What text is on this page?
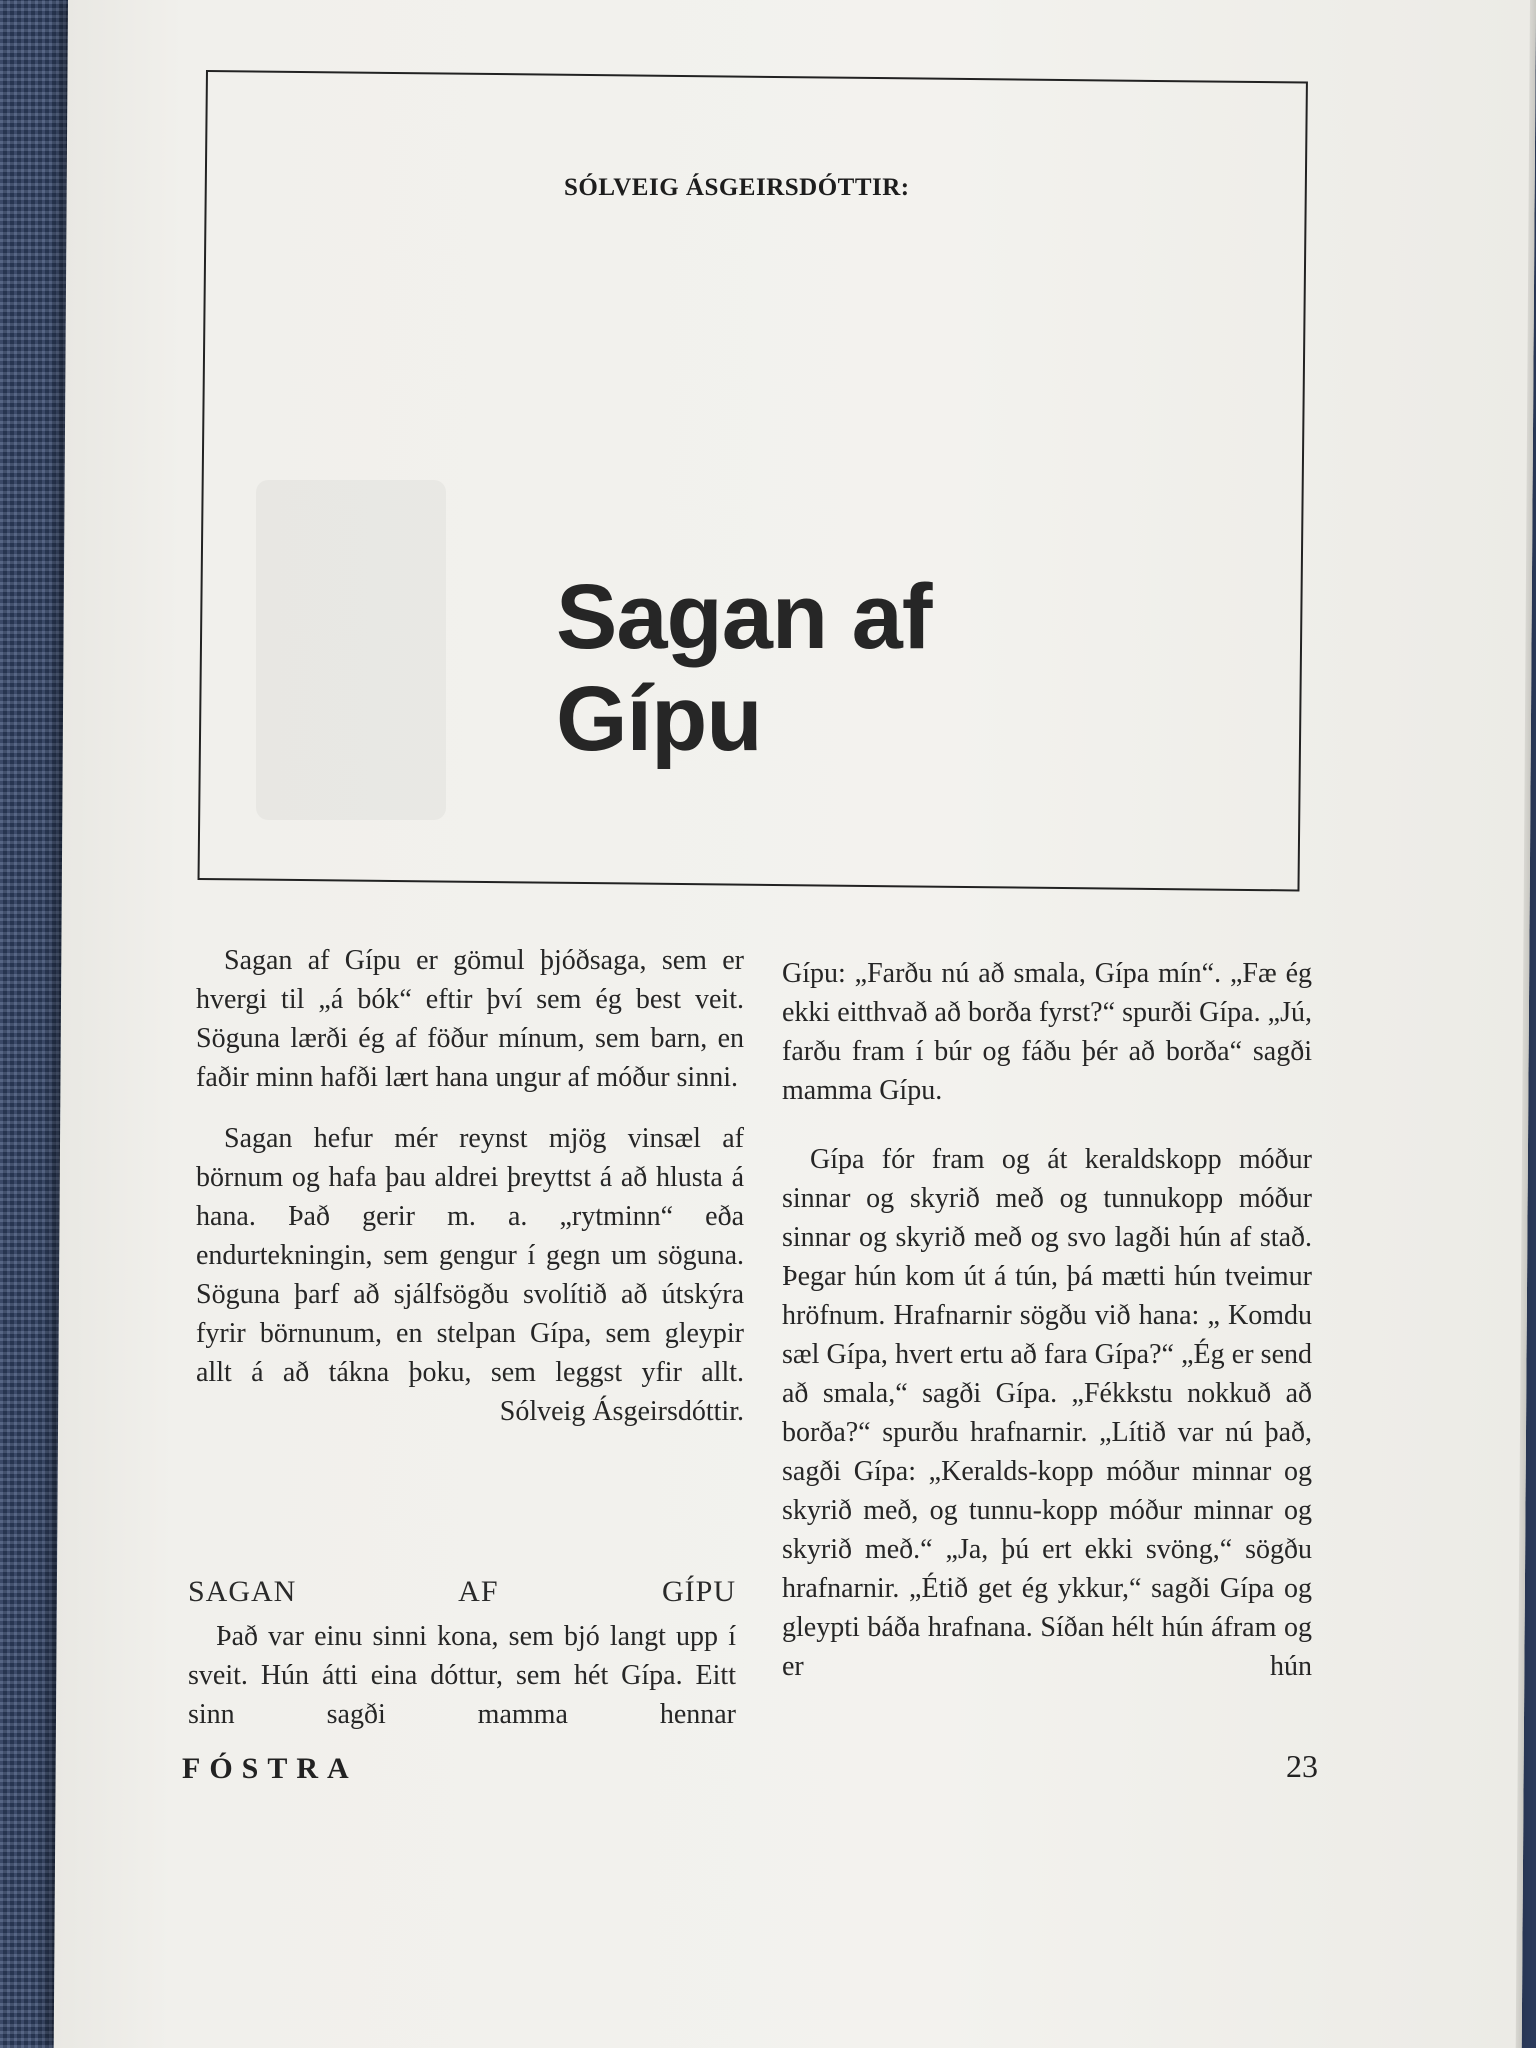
SÓLVEIG ÁSGEIRSDÓTTIR:
Sagan af
Gípu

Sagan af Gípu er gömul þjóðsaga, sem er hvergi til „á bók“ eftir því sem ég best veit. Söguna lærði ég af föður mínum, sem barn, en faðir minn hafði lært hana ungur af móður sinni.

Sagan hefur mér reynst mjög vinsæl af börnum og hafa þau aldrei þreyttst á að hlusta á hana. Það gerir m. a. „rytminn“ eða endurtekningin, sem gengur í gegn um söguna. Söguna þarf að sjálfsögðu svolítið að útskýra fyrir börnunum, en stelpan Gípa, sem gleypir allt á að tákna þoku, sem leggst yfir allt.

Sólveig Ásgeirsdóttir.

SAGAN AF GÍPU

Það var einu sinni kona, sem bjó langt upp í sveit. Hún átti eina dóttur, sem hét Gípa. Eitt sinn sagði mamma hennar

Gípu: „Farðu nú að smala, Gípa mín“. „Fæ ég ekki eitthvað að borða fyrst?“ spurði Gípa. „Jú, farðu fram í búr og fáðu þér að borða“ sagði mamma Gípu.

Gípa fór fram og át keraldskopp móður sinnar og skyrið með og tunnukopp móður sinnar og skyrið með og svo lagði hún af stað. Þegar hún kom út á tún, þá mætti hún tveimur hröfnum. Hrafnarnir sögðu við hana: „ Komdu sæl Gípa, hvert ertu að fara Gípa?“ „Ég er send að smala,“ sagði Gípa. „Fékkstu nokkuð að borða?“ spurðu hrafnarnir. „Lítið var nú það, sagði Gípa: „Keralds-kopp móður minnar og skyrið með, og tunnu-kopp móður minnar og skyrið með.“ „Ja, þú ert ekki svöng,“ sögðu hrafnarnir. „Étið get ég ykkur,“ sagði Gípa og gleypti báða hrafnana. Síðan hélt hún áfram og er hún

FÓSTRA	23
